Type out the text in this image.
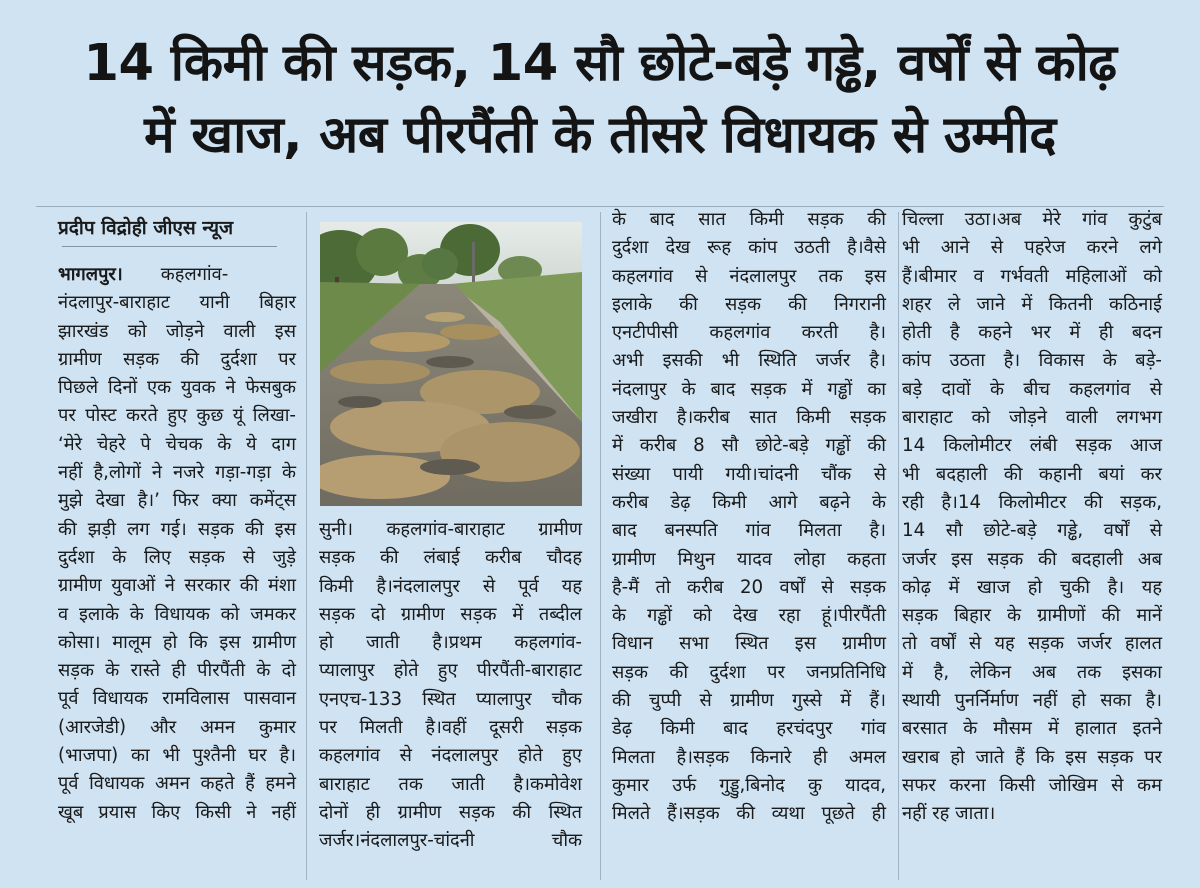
14 किमी की सड़क, 14 सौ छोटे-बड़े गड्ढे, वर्षों से कोढ़
में खाज, अब पीरपैंती के तीसरे विधायक से उम्मीद
प्रदीप विद्रोही जीएस न्यूज

भागलपुर। कहलगांव-

नंदलापुर-बाराहाट यानी बिहार

झारखंड को जोड़ने वाली इस

ग्रामीण सड़क की दुर्दशा पर

पिछले दिनों एक युवक ने फेसबुक

पर पोस्ट करते हुए कुछ यूं लिखा-

‘मेरे चेहरे पे चेचक के ये दाग

नहीं है,लोगों ने नजरे गड़ा-गड़ा के

मुझे देखा है।’ फिर क्या कमेंट्स

की झड़ी लग गई। सड़क की इस

दुर्दशा के लिए सड़क से जुड़े

ग्रामीण युवाओं ने सरकार की मंशा

व इलाके के विधायक को जमकर

कोसा। मालूम हो कि इस ग्रामीण

सड़क के रास्ते ही पीरपैंती के दो

पूर्व विधायक रामविलास पासवान

(आरजेडी) और अमन कुमार

(भाजपा) का भी पुश्तैनी घर है।

पूर्व विधायक अमन कहते हैं हमने

खूब प्रयास किए किसी ने नहीं

सुनी। कहलगांव-बाराहाट ग्रामीण

सड़क की लंबाई करीब चौदह

किमी है।नंदलालपुर से पूर्व यह

सड़क दो ग्रामीण सड़क में तब्दील

हो जाती है।प्रथम कहलगांव-

प्यालापुर होते हुए पीरपैंती-बाराहाट

एनएच-133 स्थित प्यालापुर चौक

पर मिलती है।वहीं दूसरी सड़क

कहलगांव से नंदलालपुर होते हुए

बाराहाट तक जाती है।कमोवेश

दोनों ही ग्रामीण सड़क की स्थित

जर्जर।नंदलालपुर-चांदनी चौक

के बाद सात किमी सड़क की

दुर्दशा देख रूह कांप उठती है।वैसे

कहलगांव से नंदलालपुर तक इस

इलाके की सड़क की निगरानी

एनटीपीसी कहलगांव करती है।

अभी इसकी भी स्थिति जर्जर है।

नंदलापुर के बाद सड़क में गड्ढों का

जखीरा है।करीब सात किमी सड़क

में करीब 8 सौ छोटे-बड़े गड्ढों की

संख्या पायी गयी।चांदनी चौंक से

करीब डेढ़ किमी आगे बढ़ने के

बाद बनस्पति गांव मिलता है।

ग्रामीण मिथुन यादव लोहा कहता

है-मैं तो करीब 20 वर्षों से सड़क

के गड्ढों को देख रहा हूं।पीरपैंती

विधान सभा स्थित इस ग्रामीण

सड़क की दुर्दशा पर जनप्रतिनिधि

की चुप्पी से ग्रामीण गुस्से में हैं।

डेढ़ किमी बाद हरचंदपुर गांव

मिलता है।सड़क किनारे ही अमल

कुमार उर्फ गुड्डु,बिनोद कु यादव,

मिलते हैं।सड़क की व्यथा पूछते ही

चिल्ला उठा।अब मेरे गांव कुटुंब

भी आने से पहरेज करने लगे

हैं।बीमार व गर्भवती महिलाओं को

शहर ले जाने में कितनी कठिनाई

होती है कहने भर में ही बदन

कांप उठता है। विकास के बड़े-

बड़े दावों के बीच कहलगांव से

बाराहाट को जोड़ने वाली लगभग

14 किलोमीटर लंबी सड़क आज

भी बदहाली की कहानी बयां कर

रही है।14 किलोमीटर की सड़क,

14 सौ छोटे-बड़े गड्ढे, वर्षों से

जर्जर इस सड़क की बदहाली अब

कोढ़ में खाज हो चुकी है। यह

सड़क बिहार के ग्रामीणों की मानें

तो वर्षों से यह सड़क जर्जर हालत

में है, लेकिन अब तक इसका

स्थायी पुनर्निर्माण नहीं हो सका है।

बरसात के मौसम में हालात इतने

खराब हो जाते हैं कि इस सड़क पर

सफर करना किसी जोखिम से कम

नहीं रह जाता।
